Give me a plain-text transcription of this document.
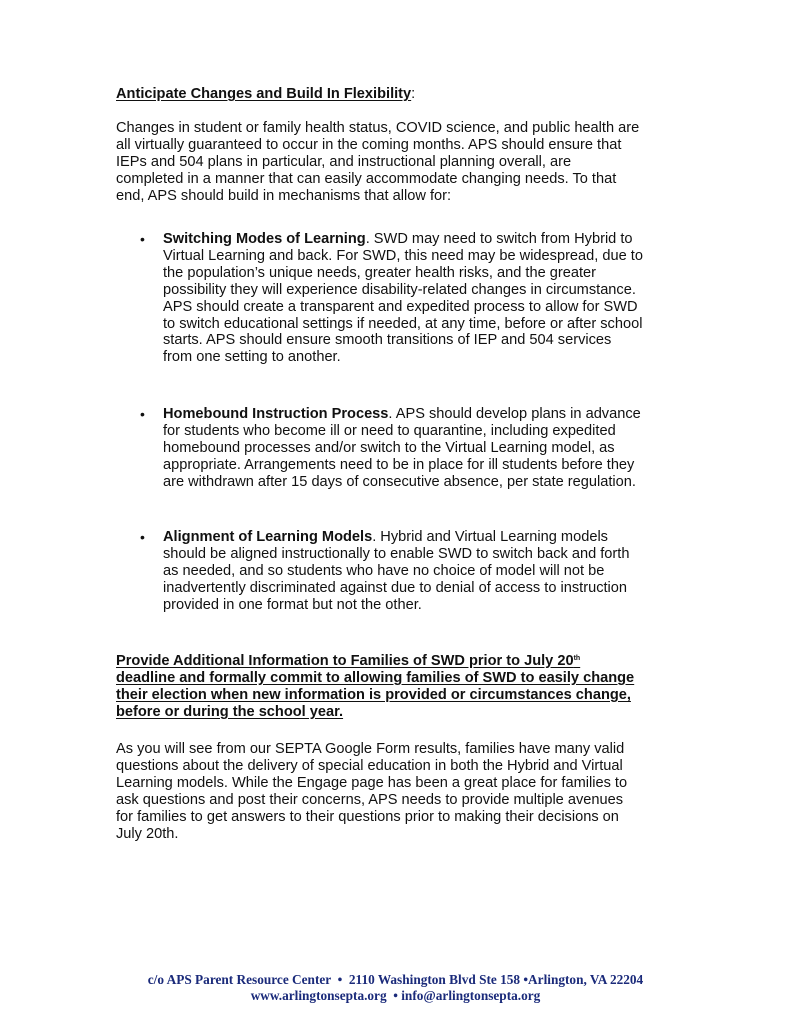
Anticipate Changes and Build In Flexibility:
Changes in student or family health status, COVID science, and public health are
all virtually guaranteed to occur in the coming months. APS should ensure that
IEPs and 504 plans in particular, and instructional planning overall, are
completed in a manner that can easily accommodate changing needs. To that
end, APS should build in mechanisms that allow for:
• Switching Modes of Learning. SWD may need to switch from Hybrid to
Virtual Learning and back. For SWD, this need may be widespread, due to
the population’s unique needs, greater health risks, and the greater
possibility they will experience disability-related changes in circumstance.
APS should create a transparent and expedited process to allow for SWD
to switch educational settings if needed, at any time, before or after school
starts. APS should ensure smooth transitions of IEP and 504 services
from one setting to another.
• Homebound Instruction Process. APS should develop plans in advance
for students who become ill or need to quarantine, including expedited
homebound processes and/or switch to the Virtual Learning model, as
appropriate. Arrangements need to be in place for ill students before they
are withdrawn after 15 days of consecutive absence, per state regulation.
• Alignment of Learning Models. Hybrid and Virtual Learning models
should be aligned instructionally to enable SWD to switch back and forth
as needed, and so students who have no choice of model will not be
inadvertently discriminated against due to denial of access to instruction
provided in one format but not the other.
Provide Additional Information to Families of SWD prior to July 20th
deadline and formally commit to allowing families of SWD to easily change
their election when new information is provided or circumstances change,
before or during the school year.
As you will see from our SEPTA Google Form results, families have many valid
questions about the delivery of special education in both the Hybrid and Virtual
Learning models. While the Engage page has been a great place for families to
ask questions and post their concerns, APS needs to provide multiple avenues
for families to get answers to their questions prior to making their decisions on
July 20th.
c/o APS Parent Resource Center  •  2110 Washington Blvd Ste 158 •Arlington, VA 22204
www.arlingtonsepta.org  • info@arlingtonsepta.org
